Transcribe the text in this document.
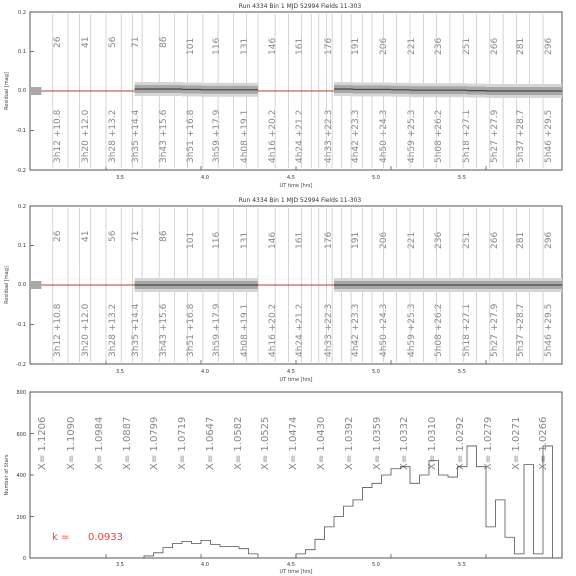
Run 4334 Bin 1 MJD 52994 Fields 11-303
Residual [mag]
UT time [hrs]
0.2
0.1
0.0
-0.1
-0.2
3.5	4.0	4.5	5.0	5.5
26 41 56 71 86 101 116 131 146 161 176 191 206 221 236 251 266 281 296
3h12 +10.8 3h20 +12.0 3h28 +13.2 3h35 +14.4 3h43 +15.6 3h51 +16.8 3h59 +17.9 4h08 +19.1 4h16 +20.2 4h24 +21.2 4h33 +22.3 4h42 +23.3 4h50 +24.3 4h59 +25.3 5h08 +26.2 5h18 +27.1 5h27 +27.9 5h37 +28.7 5h46 +29.5
Run 4334 Bin 1 MJD 52994 Fields 11-303
Residual [mag]
UT time [hrs]
0.2
0.1
0.0
-0.1
-0.2
3.5	4.0	4.5	5.0	5.5
26 41 56 71 86 101 116 131 146 161 176 191 206 221 236 251 266 281 296
3h12 +10.8 3h20 +12.0 3h28 +13.2 3h35 +14.4 3h43 +15.6 3h51 +16.8 3h59 +17.9 4h08 +19.1 4h16 +20.2 4h24 +21.2 4h33 +22.3 4h42 +23.3 4h50 +24.3 4h59 +25.3 5h08 +26.2 5h18 +27.1 5h27 +27.9 5h37 +28.7 5h46 +29.5
Number of Stars
UT time [hrs]
800
600
400
200
0
3.5	4.0	4.5	5.0	5.5
X= 1.1206 X= 1.1090 X= 1.0984 X= 1.0887 X= 1.0799 X= 1.0719 X= 1.0647 X= 1.0582 X= 1.0525 X= 1.0474 X= 1.0430 X= 1.0392 X= 1.0359 X= 1.0332 X= 1.0310 X= 1.0292 X= 1.0279 X= 1.0271 X= 1.0266
k = 0.0933
